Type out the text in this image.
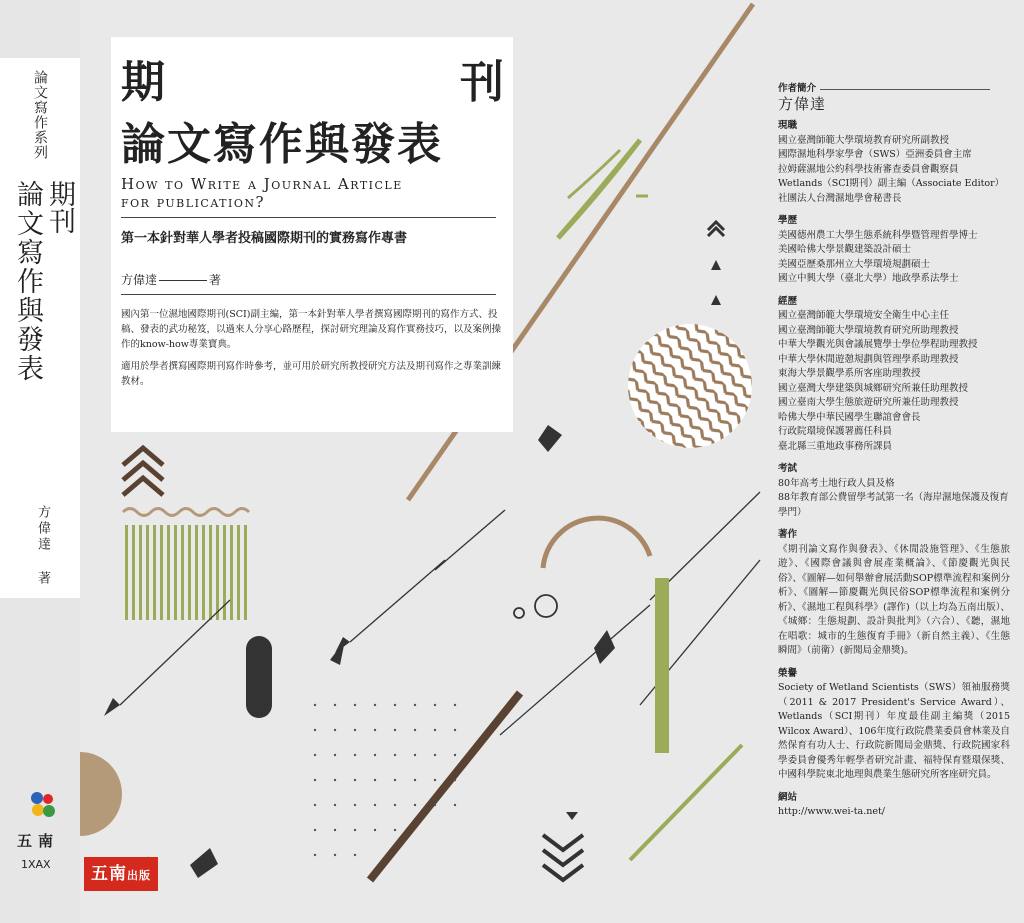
論文寫作系列
期刊
論文寫作與發表
方偉達 著
五南
1XAX
期	刊
論文寫作與發表
How to Write a Journal Article
for publication?
第一本針對華人學者投稿國際期刊的實務寫作專書
方偉達	著
國內第一位濕地國際期刊(SCI)副主編，第一本針對華人學者撰寫國際期刊的寫作方式、投稿、發表的武功秘笈，以過來人分享心路歷程，探討研究理論及寫作實務技巧，以及案例操作的know-how專業寶典。
適用於學者撰寫國際期刊寫作時參考，並可用於研究所教授研究方法及期刊寫作之專業訓練教材。
五南出版
作者簡介
方偉達
現職
國立臺灣師範大學環境教育研究所副教授
國際濕地科學家學會（SWS）亞洲委員會主席
拉姆薩濕地公約科學技術審查委員會觀察員
Wetlands（SCI期刊）副主編（Associate Editor）
社團法人台灣濕地學會秘書長
學歷
美國德州農工大學生態系統科學暨管理哲學博士
美國哈佛大學景觀建築設計碩士
美國亞歷桑那州立大學環境規劃碩士
國立中興大學（臺北大學）地政學系法學士
經歷
國立臺灣師範大學環境安全衛生中心主任
國立臺灣師範大學環境教育研究所助理教授
中華大學觀光與會議展覽學士學位學程助理教授
中華大學休閒遊憩規劃與管理學系助理教授
東海大學景觀學系所客座助理教授
國立臺灣大學建築與城鄉研究所兼任助理教授
國立臺南大學生態旅遊研究所兼任助理教授
哈佛大學中華民國學生聯誼會會長
行政院環境保護署薦任科員
臺北縣三重地政事務所課員
考試
80年高考土地行政人員及格
88年教育部公費留學考試第一名（海岸濕地保護及復育學門）
著作
《期刊論文寫作與發表》、《休閒設施管理》、《生態旅遊》、《國際會議與會展產業概論》、《節慶觀光與民俗》、《圖解—如何舉辦會展活動SOP標準流程和案例分析》、《圖解—節慶觀光與民俗SOP標準流程和案例分析》、《濕地工程與科學》(譯作)（以上均為五南出版）、《城鄉：生態規劃、設計與批判》（六合）、《聽，濕地在唱歌：城市的生態復育手冊》（新自然主義）、《生態瞬間》（前衛）(新聞局金鼎獎)。
榮譽
Society of Wetland Scientists（SWS）領袖服務獎（2011 & 2017 President's Service Award）、Wetlands（SCI期刊）年度最佳副主編獎（2015 Wilcox Award）、106年度行政院農業委員會林業及自然保育有功人士、行政院新聞局金鼎獎、行政院國家科學委員會優秀年輕學者研究計畫、福特保育暨環保獎、中國科學院東北地理與農業生態研究所客座研究員。
網站
http://www.wei-ta.net/
